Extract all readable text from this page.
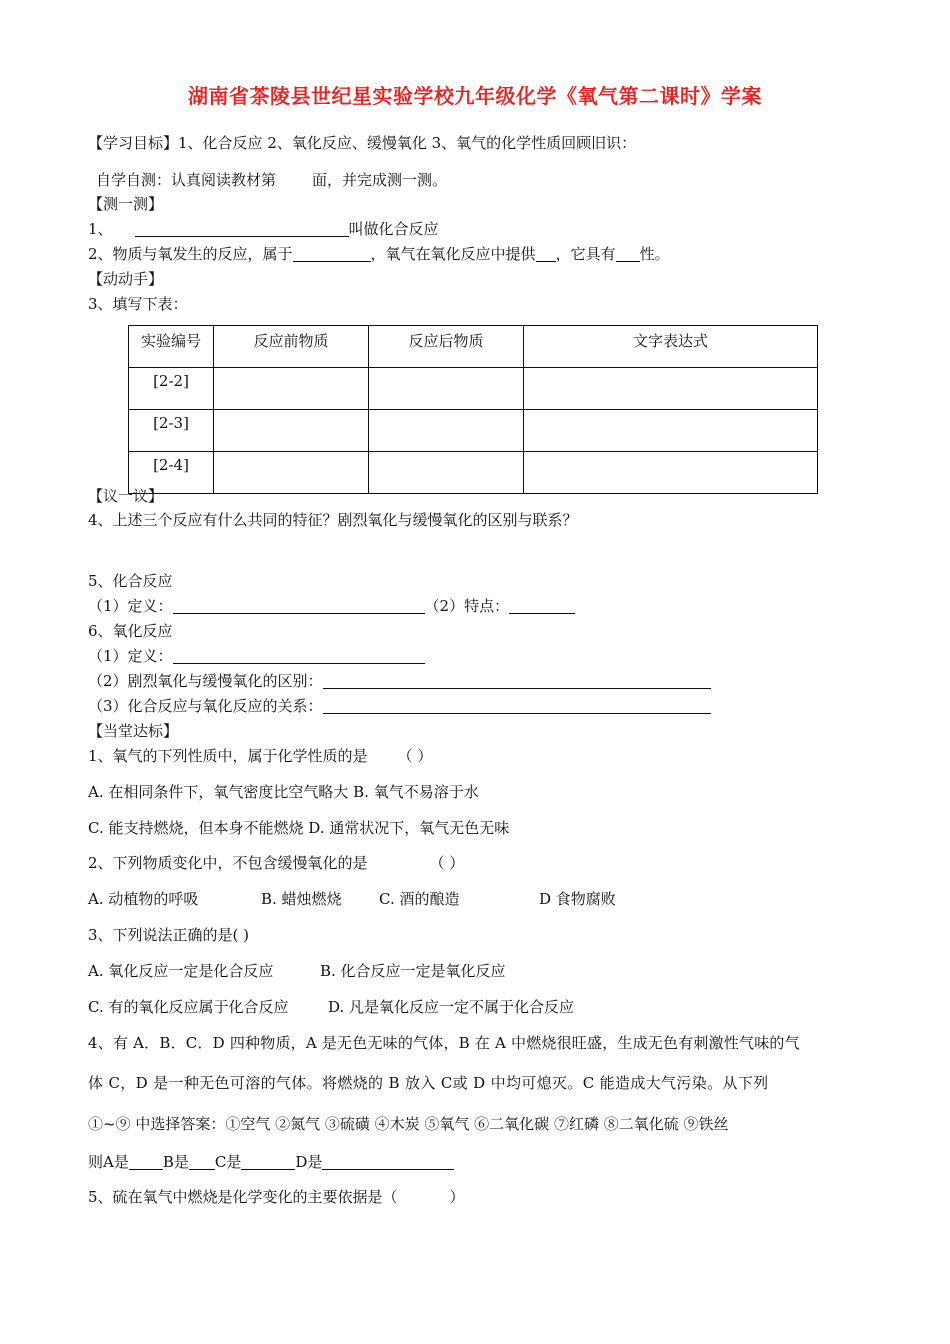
湖南省茶陵县世纪星实验学校九年级化学《氧气第二课时》学案
【学习目标】1、化合反应 2、氧化反应、缓慢氧化 3、氧气的化学性质回顾旧识：
自学自测：认真阅读教材第 面，并完成测一测。
【测一测】
1、	叫做化合反应
2、物质与氧发生的反应，属于	，氧气在氧化反应中提供 ，它具有 性。
【动动手】
3、填写下表：
实验编号	反应前物质	反应后物质	文字表达式
[2-2]			
[2-3]			
[2-4]			
【议一议】
4、上述三个反应有什么共同的特征？剧烈氧化与缓慢氧化的区别与联系？
5、化合反应
（1）定义：	（2）特点：
6、氧化反应
（1）定义：
（2）剧烈氧化与缓慢氧化的区别：
（3）化合反应与氧化反应的关系：
【当堂达标】
1、氧气的下列性质中，属于化学性质的是 （ ）
A. 在相同条件下，氧气密度比空气略大 B. 氧气不易溶于水
C. 能支持燃烧，但本身不能燃烧 D. 通常状况下，氧气无色无味
2、下列物质变化中，不包含缓慢氧化的是	（ ）
A. 动植物的呼吸	B. 蜡烛燃烧 C. 酒的酿造	D 食物腐败
3、下列说法正确的是( )
A. 氧化反应一定是化合反应	B. 化合反应一定是氧化反应
C. 有的氧化反应属于化合反应	D. 凡是氧化反应一定不属于化合反应
4、有 A．B．C．D 四种物质，A 是无色无味的气体，B 在 A 中燃烧很旺盛，生成无色有刺激性气味的气
体 C，D 是一种无色可溶的气体。将燃烧的 B 放入 C或 D 中均可熄灭。C 能造成大气污染。从下列
①~⑨ 中选择答案：①空气 ②氮气 ③硫磺 ④木炭 ⑤氧气 ⑥二氧化碳 ⑦红磷 ⑧二氧化硫 ⑨铁丝
则A是 B是 C是	D是
5、硫在氧气中燃烧是化学变化的主要依据是（	）
